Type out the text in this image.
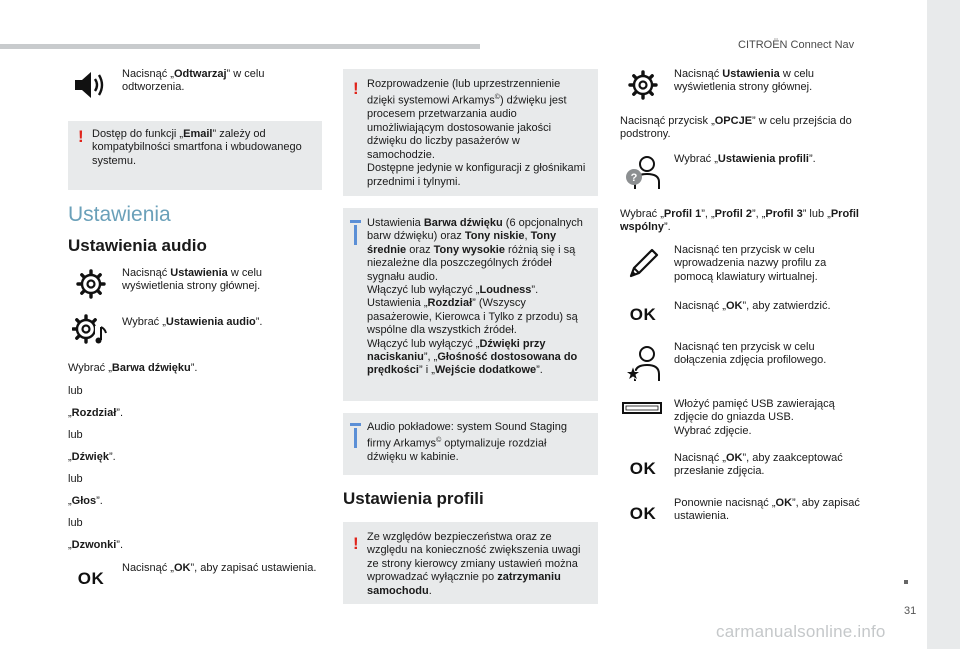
CITROËN Connect Nav
31
carmanualsonline.info
Nacisnąć „Odtwarzaj” w celu odtworzenia.
! Dostęp do funkcji „Email” zależy od kompatybilności smartfona i wbudowanego systemu.
Ustawienia
Ustawienia audio
Nacisnąć Ustawienia w celu wyświetlenia strony głównej.
Wybrać „Ustawienia audio”.
Wybrać „Barwa dźwięku”.
lub
„Rozdział”.
lub
„Dźwięk”.
lub
„Głos”.
lub
„Dzwonki”.
OK
Nacisnąć „OK”, aby zapisać ustawienia.
! Rozprowadzenie (lub uprzestrzennienie dzięki systemowi Arkamys©) dźwięku jest procesem przetwarzania audio umożliwiającym dostosowanie jakości dźwięku do liczby pasażerów w samochodzie.
Dostępne jedynie w konfiguracji z głośnikami przednimi i tylnymi.
Ustawienia Barwa dźwięku (6 opcjonalnych barw dźwięku) oraz Tony niskie, Tony średnie oraz Tony wysokie różnią się i są niezależne dla poszczególnych źródeł sygnału audio.
Włączyć lub wyłączyć „Loudness”.
Ustawienia „Rozdział” (Wszyscy pasażerowie, Kierowca i Tylko z przodu) są wspólne dla wszystkich źródeł.
Włączyć lub wyłączyć „Dźwięki przy naciskaniu”, „Głośność dostosowana do prędkości” i „Wejście dodatkowe”.
Audio pokładowe: system Sound Staging firmy Arkamys© optymalizuje rozdział dźwięku w kabinie.
Ustawienia profili
! Ze względów bezpieczeństwa oraz ze względu na konieczność zwiększenia uwagi ze strony kierowcy zmiany ustawień można wprowadzać wyłącznie po zatrzymaniu samochodu.
Nacisnąć Ustawienia w celu wyświetlenia strony głównej.
Nacisnąć przycisk „OPCJE” w celu przejścia do podstrony.
?
Wybrać „Ustawienia profili”.
Wybrać „Profil 1”, „Profil 2”, „Profil 3” lub „Profil wspólny”.
Nacisnąć ten przycisk w celu wprowadzenia nazwy profilu za pomocą klawiatury wirtualnej.
OK Nacisnąć „OK”, aby zatwierdzić.
Nacisnąć ten przycisk w celu dołączenia zdjęcia profilowego.
Włożyć pamięć USB zawierającą zdjęcie do gniazda USB.
Wybrać zdjęcie.
OK
Nacisnąć „OK”, aby zaakceptować przesłanie zdjęcia.
OK
Ponownie nacisnąć „OK”, aby zapisać ustawienia.
